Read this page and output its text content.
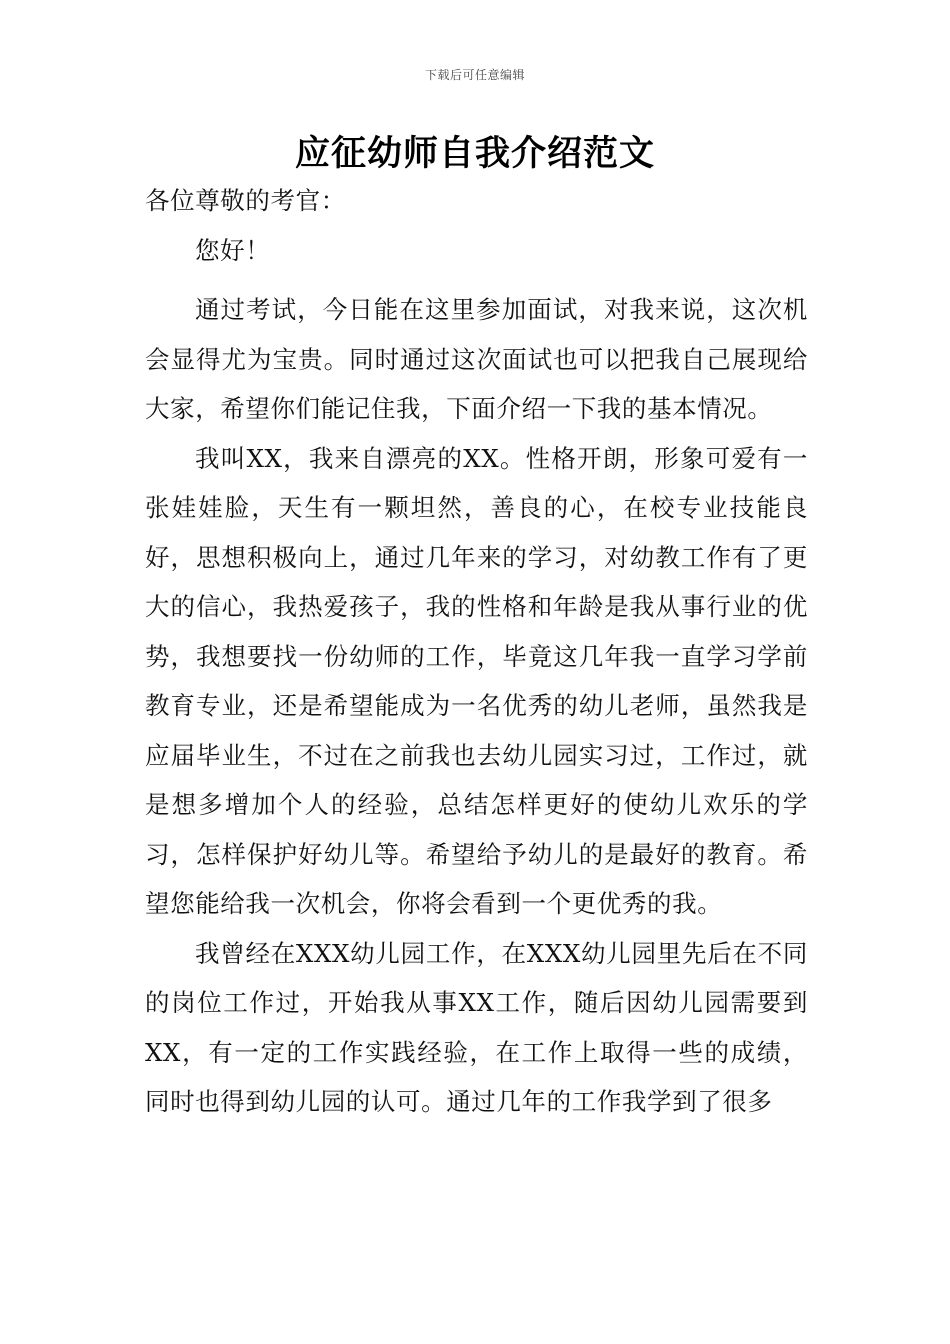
下载后可任意编辑
应征幼师自我介绍范文

各位尊敬的考官：

您好！

通过考试，今日能在这里参加面试，对我来说，这次机会显得尤为宝贵。同时通过这次面试也可以把我自己展现给大家，希望你们能记住我，下面介绍一下我的基本情况。

我叫XX，我来自漂亮的XX。性格开朗，形象可爱有一张娃娃脸，天生有一颗坦然，善良的心，在校专业技能良好，思想积极向上，通过几年来的学习，对幼教工作有了更大的信心，我热爱孩子，我的性格和年龄是我从事行业的优势，我想要找一份幼师的工作，毕竟这几年我一直学习学前教育专业，还是希望能成为一名优秀的幼儿老师，虽然我是应届毕业生，不过在之前我也去幼儿园实习过，工作过，就是想多增加个人的经验，总结怎样更好的使幼儿欢乐的学习，怎样保护好幼儿等。希望给予幼儿的是最好的教育。希望您能给我一次机会，你将会看到一个更优秀的我。

我曾经在XXX幼儿园工作，在XXX幼儿园里先后在不同的岗位工作过，开始我从事XX工作，随后因幼儿园需要到XX，有一定的工作实践经验，在工作上取得一些的成绩，同时也得到幼儿园的认可。通过几年的工作我学到了很多
